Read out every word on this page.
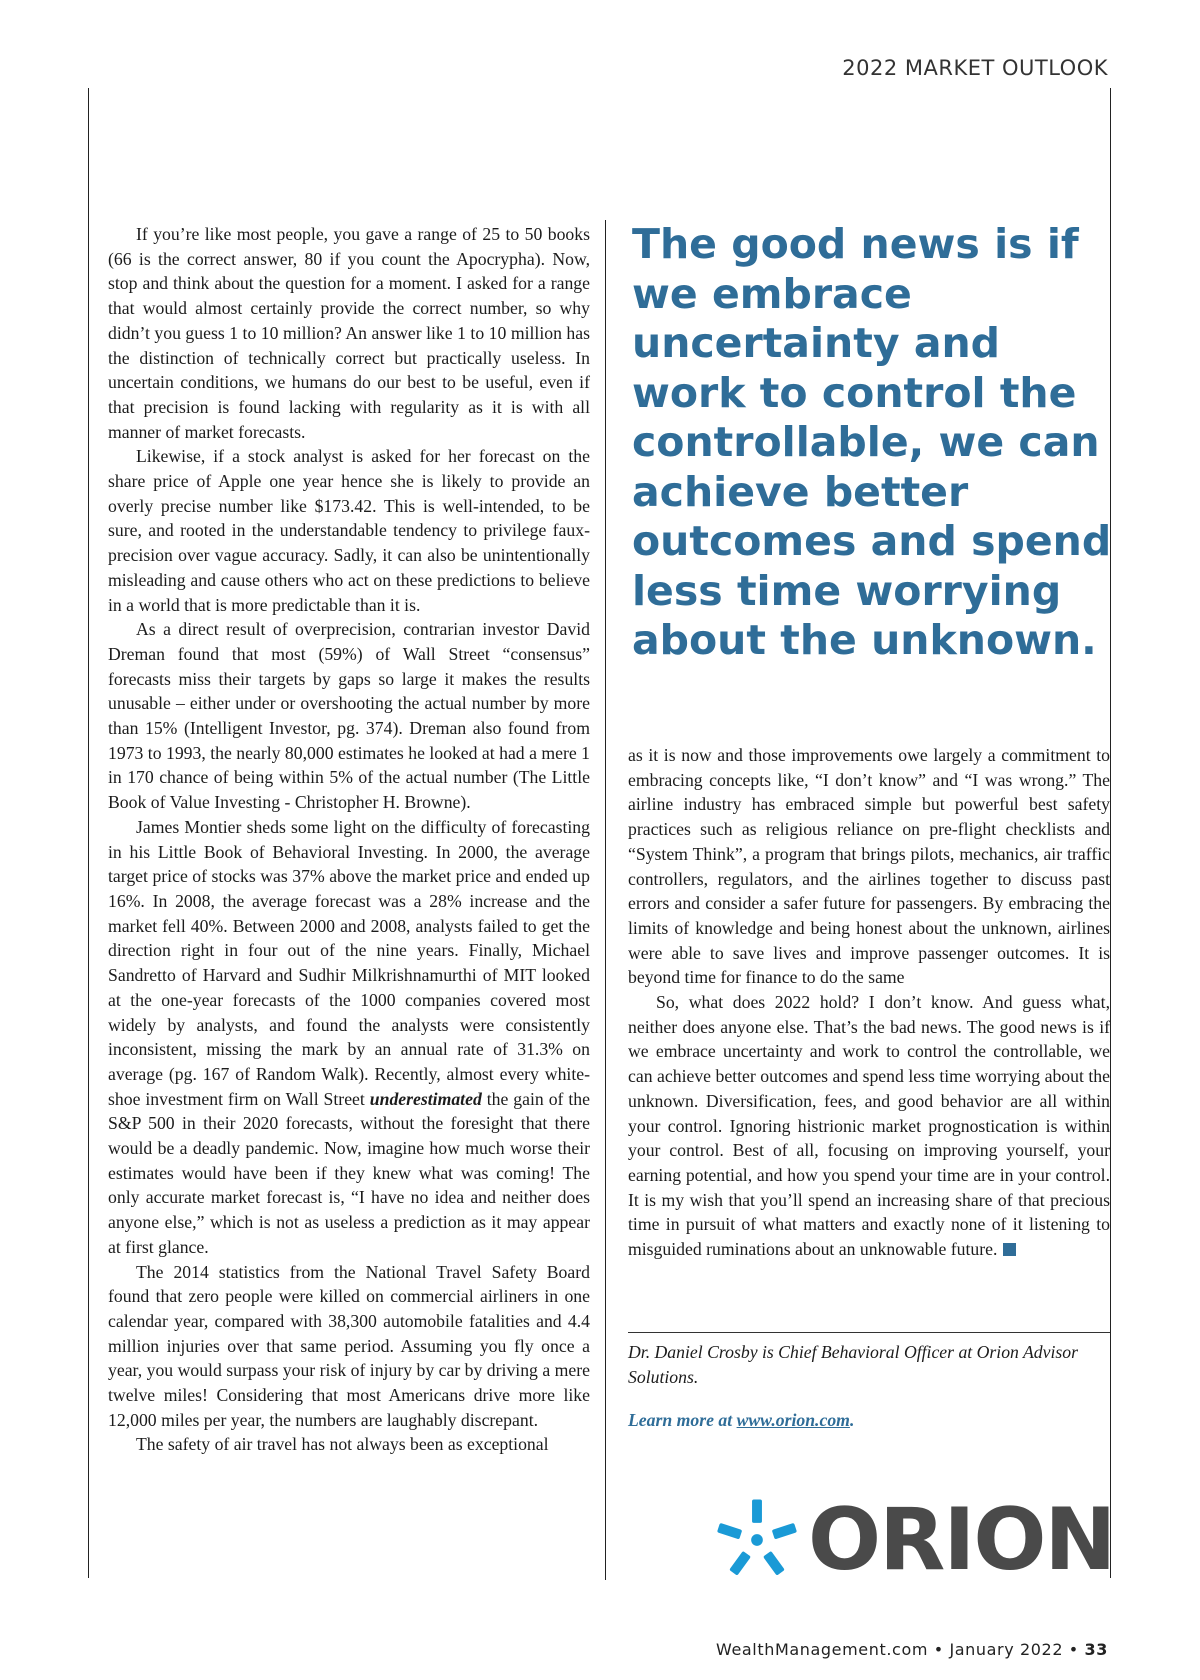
2022 MARKET OUTLOOK

If you’re like most people, you gave a range of 25 to 50 books (66 is the correct answer, 80 if you count the Apocrypha). Now, stop and think about the question for a moment. I asked for a range that would almost certainly provide the correct number, so why didn’t you guess 1 to 10 million? An answer like 1 to 10 million has the distinction of technically correct but practically useless. In uncertain conditions, we humans do our best to be useful, even if that precision is found lacking with regularity as it is with all manner of market forecasts.

Likewise, if a stock analyst is asked for her forecast on the share price of Apple one year hence she is likely to provide an overly precise number like $173.42. This is well-intended, to be sure, and rooted in the understandable tendency to privilege faux-precision over vague accuracy. Sadly, it can also be unintentionally misleading and cause others who act on these predictions to believe in a world that is more predictable than it is.

As a direct result of overprecision, contrarian investor David Dreman found that most (59%) of Wall Street “consensus” forecasts miss their targets by gaps so large it makes the results unusable – either under or overshooting the actual number by more than 15% (Intelligent Investor, pg. 374). Dreman also found from 1973 to 1993, the nearly 80,000 estimates he looked at had a mere 1 in 170 chance of being within 5% of the actual number (The Little Book of Value Investing - Christopher H. Browne).

James Montier sheds some light on the difficulty of forecasting in his Little Book of Behavioral Investing. In 2000, the average target price of stocks was 37% above the market price and ended up 16%. In 2008, the average forecast was a 28% increase and the market fell 40%. Between 2000 and 2008, analysts failed to get the direction right in four out of the nine years. Finally, Michael Sandretto of Harvard and Sudhir Milkrishnamurthi of MIT looked at the one-year forecasts of the 1000 companies covered most widely by analysts, and found the analysts were consistently inconsistent, missing the mark by an annual rate of 31.3% on average (pg. 167 of Random Walk). Recently, almost every white-shoe investment firm on Wall Street underestimated the gain of the S&P 500 in their 2020 forecasts, without the foresight that there would be a deadly pandemic. Now, imagine how much worse their estimates would have been if they knew what was coming! The only accurate market forecast is, “I have no idea and neither does anyone else,” which is not as useless a prediction as it may appear at first glance.

The 2014 statistics from the National Travel Safety Board found that zero people were killed on commercial airliners in one calendar year, compared with 38,300 automobile fatalities and 4.4 million injuries over that same period. Assuming you fly once a year, you would surpass your risk of injury by car by driving a mere twelve miles! Considering that most Americans drive more like 12,000 miles per year, the numbers are laughably discrepant.

The safety of air travel has not always been as exceptional

The good news is if we embrace uncertainty and work to control the controllable, we can achieve better outcomes and spend less time worrying about the unknown.

as it is now and those improvements owe largely a commitment to embracing concepts like, “I don’t know” and “I was wrong.” The airline industry has embraced simple but powerful best safety practices such as religious reliance on pre-flight checklists and “System Think”, a program that brings pilots, mechanics, air traffic controllers, regulators, and the airlines together to discuss past errors and consider a safer future for passengers. By embracing the limits of knowledge and being honest about the unknown, airlines were able to save lives and improve passenger outcomes. It is beyond time for finance to do the same

So, what does 2022 hold? I don’t know. And guess what, neither does anyone else. That’s the bad news. The good news is if we embrace uncertainty and work to control the controllable, we can achieve better outcomes and spend less time worrying about the unknown. Diversification, fees, and good behavior are all within your control. Ignoring histrionic market prognostication is within your control. Best of all, focusing on improving yourself, your earning potential, and how you spend your time are in your control. It is my wish that you’ll spend an increasing share of that precious time in pursuit of what matters and exactly none of it listening to misguided ruminations about an unknowable future.

Dr. Daniel Crosby is Chief Behavioral Officer at Orion Advisor Solutions.
Learn more at www.orion.com.
ORION
WealthManagement.com • January 2022 • 33
